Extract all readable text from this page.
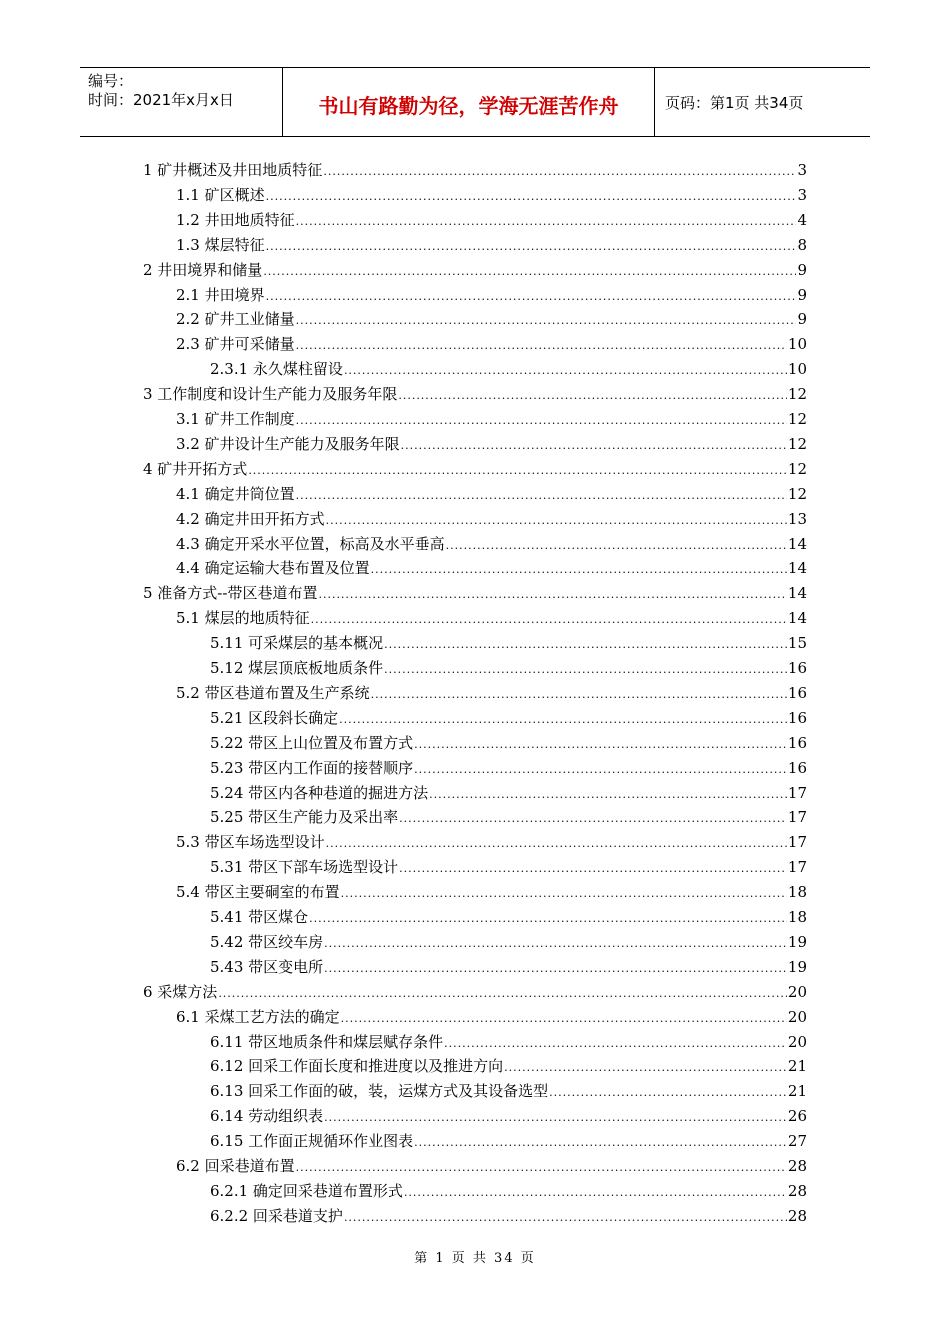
编号：
时间：2021年x月x日	书山有路勤为径，学海无涯苦作舟	页码：第1页 共34页
1 矿井概述及井田地质特征 .....	3
1.1 矿区概述 .....	3
1.2 井田地质特征 .....	4
1.3 煤层特征 .....	8
2 井田境界和储量 .....	9
2.1 井田境界 .....	9
2.2 矿井工业储量 .....	9
2.3 矿井可采储量 .....	10
2.3.1 永久煤柱留设 .....	10
3 工作制度和设计生产能力及服务年限 .....	12
3.1 矿井工作制度 .....	12
3.2 矿井设计生产能力及服务年限 .....	12
4 矿井开拓方式 .....	12
4.1 确定井筒位置 .....	12
4.2 确定井田开拓方式 .....	13
4.3 确定开采水平位置，标高及水平垂高 .....	14
4.4 确定运输大巷布置及位置 .....	14
5 准备方式--带区巷道布置 .....	14
5.1 煤层的地质特征 .....	14
5.11 可采煤层的基本概况 .....	15
5.12 煤层顶底板地质条件 .....	16
5.2 带区巷道布置及生产系统 .....	16
5.21 区段斜长确定 .....	16
5.22 带区上山位置及布置方式 .....	16
5.23 带区内工作面的接替顺序 .....	16
5.24 带区内各种巷道的掘进方法 .....	17
5.25 带区生产能力及采出率 .....	17
5.3 带区车场选型设计 .....	17
5.31 带区下部车场选型设计 .....	17
5.4 带区主要硐室的布置 .....	18
5.41 带区煤仓 .....	18
5.42 带区绞车房 .....	19
5.43 带区变电所 .....	19
6 采煤方法 .....	20
6.1 采煤工艺方法的确定 .....	20
6.11 带区地质条件和煤层赋存条件 .....	20
6.12 回采工作面长度和推进度以及推进方向 .....	21
6.13 回采工作面的破，装，运煤方式及其设备选型 .....	21
6.14 劳动组织表 .....	26
6.15 工作面正规循环作业图表 .....	27
6.2 回采巷道布置 .....	28
6.2.1 确定回采巷道布置形式 .....	28
6.2.2 回采巷道支护 .....	28
第 1 页 共 34 页
